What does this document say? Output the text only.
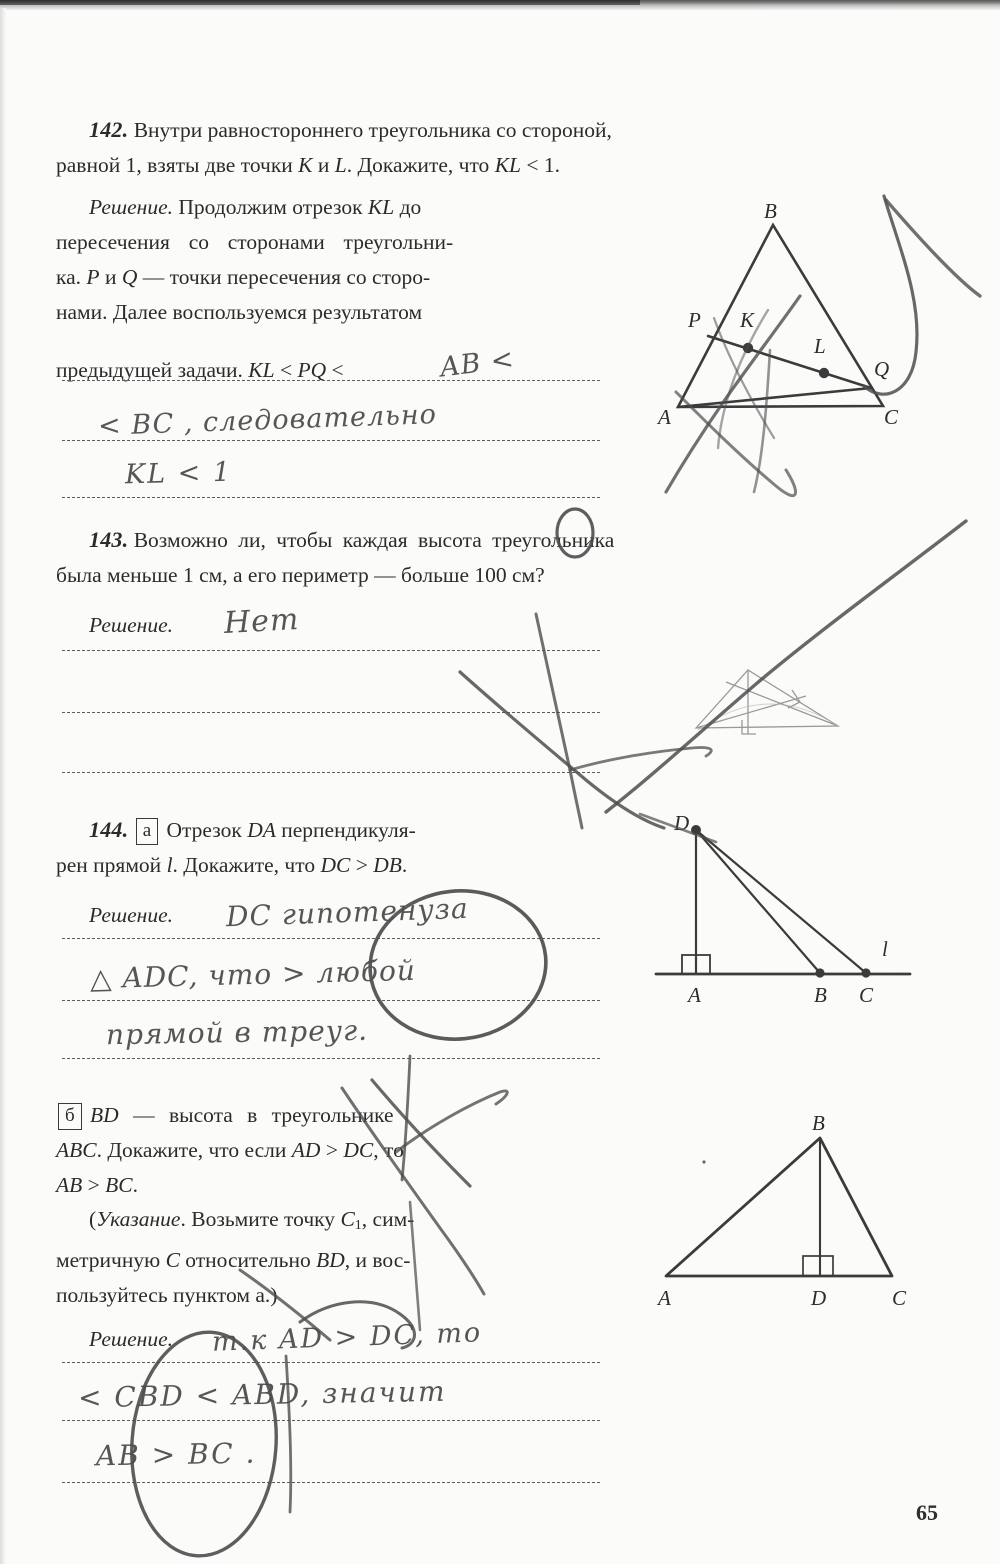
142. Внутри равностороннего треугольника со стороной,
равной 1, взяты две точки K и L. Докажите, что KL < 1.
Решение. Продолжим отрезок KL до
пересечения  со  сторонами  треугольни-
ка. P и Q — точки пересечения со сторо-
нами. Далее воспользуемся результатом
предыдущей задачи. KL < PQ <	AB <
< BC , следовательно
KL < 1
B
A	C
P K
L
Q
143. Возможно ли, чтобы каждая высота треугольника
была меньше 1 см, а его периметр — больше 100 см?
Решение. Нет
144. а Отрезок DA перпендикуля-
рен прямой l. Докажите, что DC > DB.
Решение. DC гипотенуза
△ ADC, что > любой
прямой в треуг.
D
A	B C
l
б BD — высота в треугольнике
ABC. Докажите, что если AD > DC, то
AB > BC.
(Указание. Возьмите точку $C_1$, сим-
метричную C относительно BD, и вос-
пользуйтесь пунктом а.)
Решение. т.к AD > DC, то
< CBD < ABD, значит
AB > BC .
B
A	D	C
65
